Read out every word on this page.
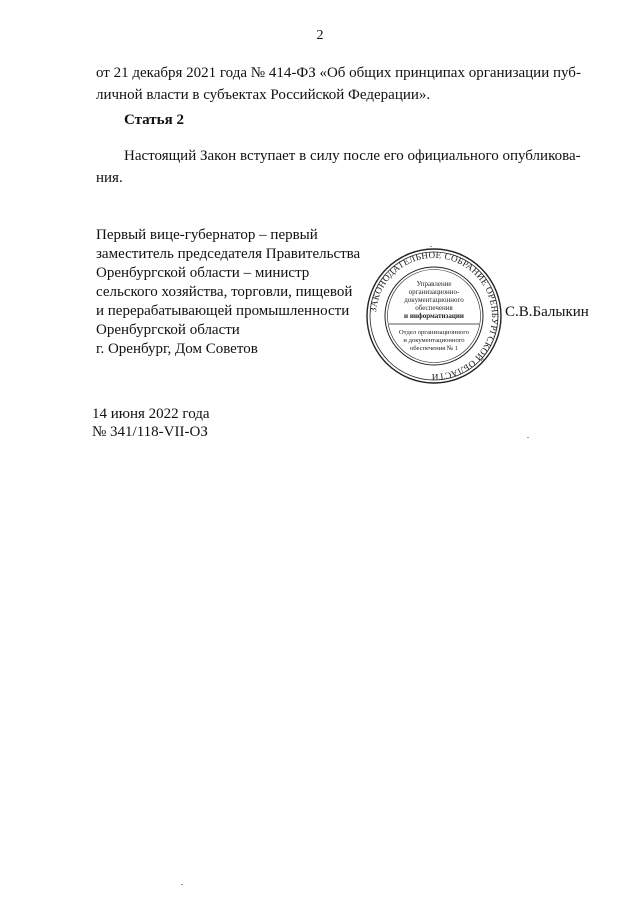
2
от 21 декабря 2021 года № 414-ФЗ «Об общих принципах организации пуб-
личной власти в субъектах Российской Федерации».
Статья 2
Настоящий Закон вступает в силу после его официального опубликова-
ния.
Первый вице-губернатор – первый
заместитель председателя Правительства
Оренбургской области – министр
сельского хозяйства, торговли, пищевой
и перерабатывающей промышленности
Оренбургской области
С.В.Балыкин
г. Оренбург, Дом Советов
ЗАКОНОДАТЕЛЬНОЕ СОБРАНИЕ ОРЕНБУРГСКОЙ ОБЛАСТИ
Управление
организационно-
документационного
обеспечения
и информатизации
Отдел организационного
и документационного
обеспечения № 1
14 июня 2022 года
№ 341/118-VII-ОЗ
